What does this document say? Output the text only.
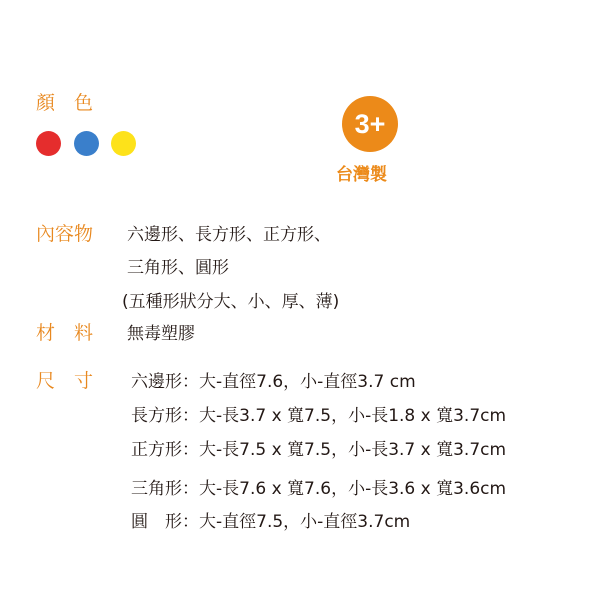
顏　色
3+
台灣製
內容物 六邊形、長方形、正方形、
三角形、圓形
(五種形狀分大、小、厚、薄)
材　料 無毒塑膠
尺　寸 六邊形：大-直徑7.6，小-直徑3.7 cm
長方形：大-長3.7 x 寬7.5，小-長1.8 x 寬3.7cm
正方形：大-長7.5 x 寬7.5，小-長3.7 x 寬3.7cm
三角形：大-長7.6 x 寬7.6，小-長3.6 x 寬3.6cm
圓　形：大-直徑7.5，小-直徑3.7cm
